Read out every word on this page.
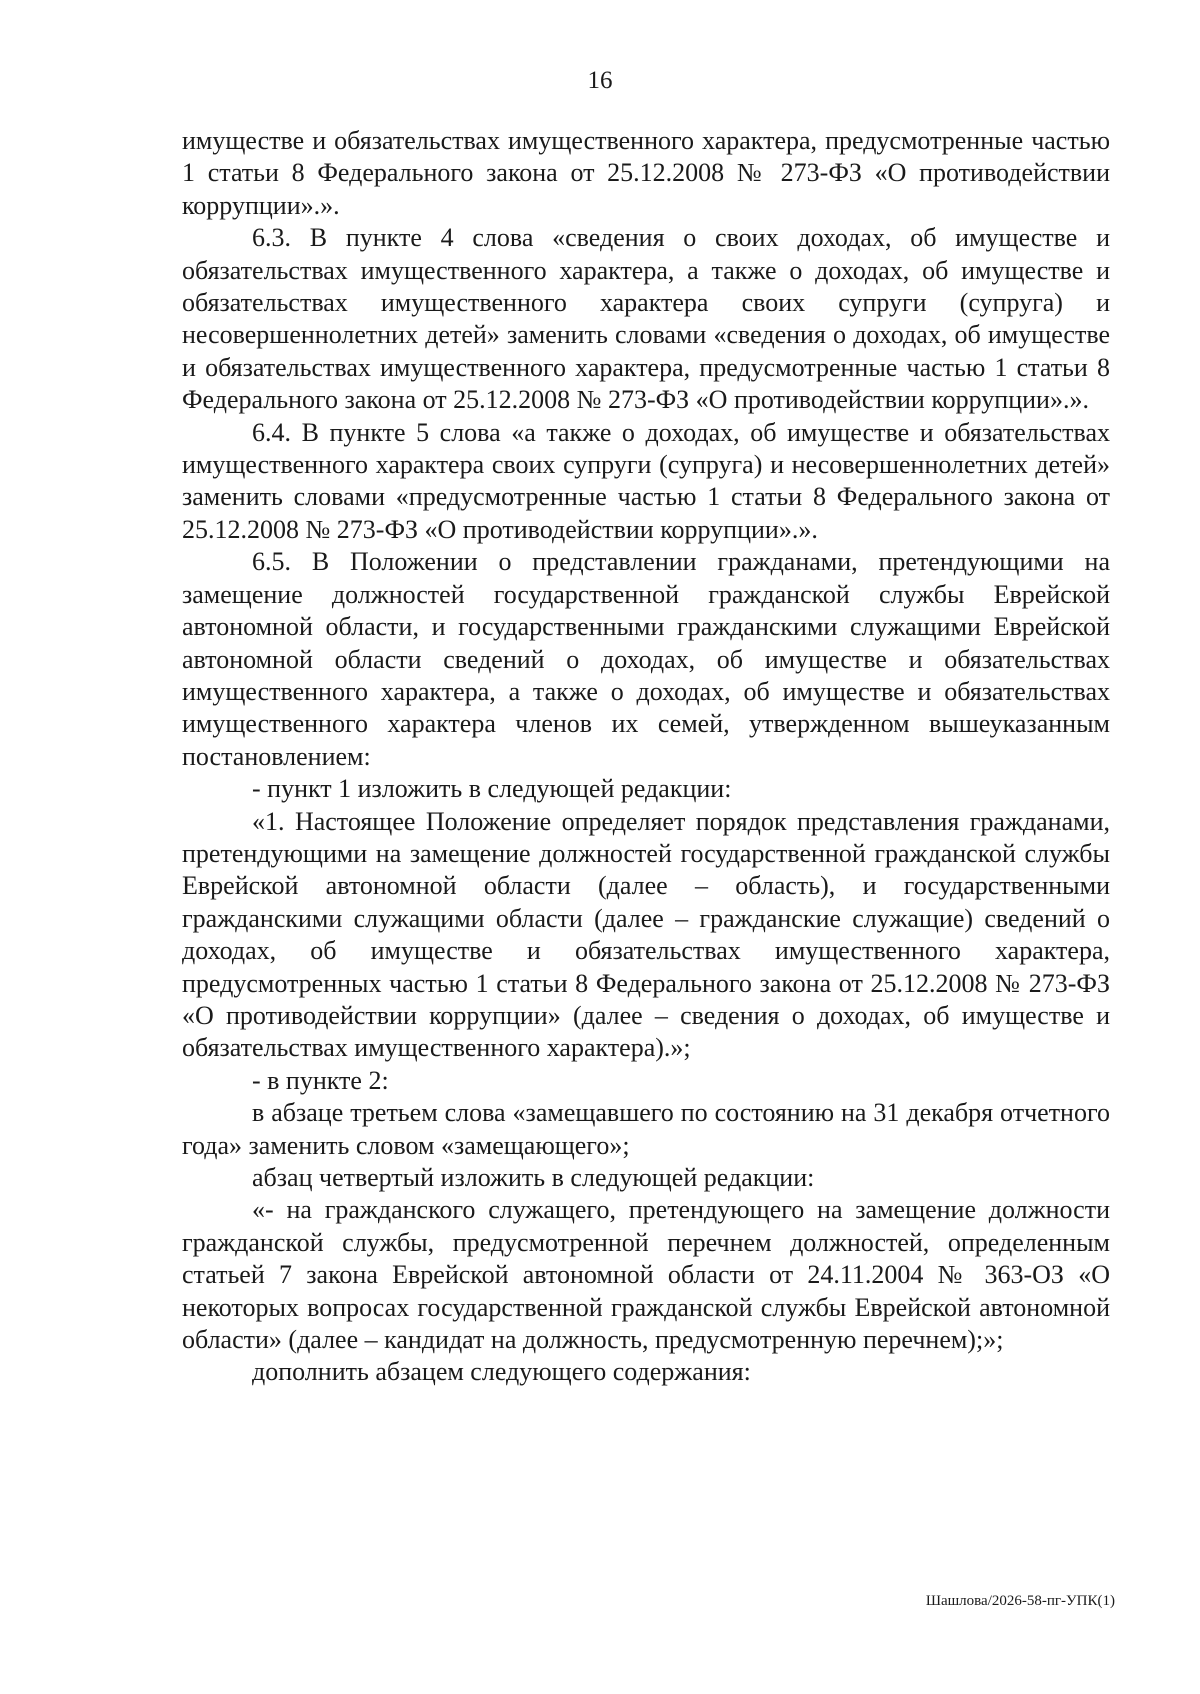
16

имуществе и обязательствах имущественного характера, предусмотренные частью 1 статьи 8 Федерального закона от 25.12.2008 № 273-ФЗ «О противодействии коррупции».».

6.3. В пункте 4 слова «сведения о своих доходах, об имуществе и обязательствах имущественного характера, а также о доходах, об имуществе и обязательствах имущественного характера своих супруги (супруга) и несовершеннолетних детей» заменить словами «сведения о доходах, об имуществе и обязательствах имущественного характера, предусмотренные частью 1 статьи 8 Федерального закона от 25.12.2008 № 273-ФЗ «О противодействии коррупции».».

6.4. В пункте 5 слова «а также о доходах, об имуществе и обязательствах имущественного характера своих супруги (супруга) и несовершеннолетних детей» заменить словами «предусмотренные частью 1 статьи 8 Федерального закона от 25.12.2008 № 273-ФЗ «О противодействии коррупции».».

6.5. В Положении о представлении гражданами, претендующими на замещение должностей государственной гражданской службы Еврейской автономной области, и государственными гражданскими служащими Еврейской автономной области сведений о доходах, об имуществе и обязательствах имущественного характера, а также о доходах, об имуществе и обязательствах имущественного характера членов их семей, утвержденном вышеуказанным постановлением:

- пункт 1 изложить в следующей редакции:

«1. Настоящее Положение определяет порядок представления гражданами, претендующими на замещение должностей государственной гражданской службы Еврейской автономной области (далее – область), и государственными гражданскими служащими области (далее – гражданские служащие) сведений о доходах, об имуществе и обязательствах имущественного характера, предусмотренных частью 1 статьи 8 Федерального закона от 25.12.2008 № 273-ФЗ «О противодействии коррупции» (далее – сведения о доходах, об имуществе и обязательствах имущественного характера).»;

- в пункте 2:

в абзаце третьем слова «замещавшего по состоянию на 31 декабря отчетного года» заменить словом «замещающего»;

абзац четвертый изложить в следующей редакции:

«- на гражданского служащего, претендующего на замещение должности гражданской службы, предусмотренной перечнем должностей, определенным статьей 7 закона Еврейской автономной области от 24.11.2004 № 363-ОЗ «О некоторых вопросах государственной гражданской службы Еврейской автономной области» (далее – кандидат на должность, предусмотренную перечнем);»;

дополнить абзацем следующего содержания:

Шашлова/2026-58-пг-УПК(1)
